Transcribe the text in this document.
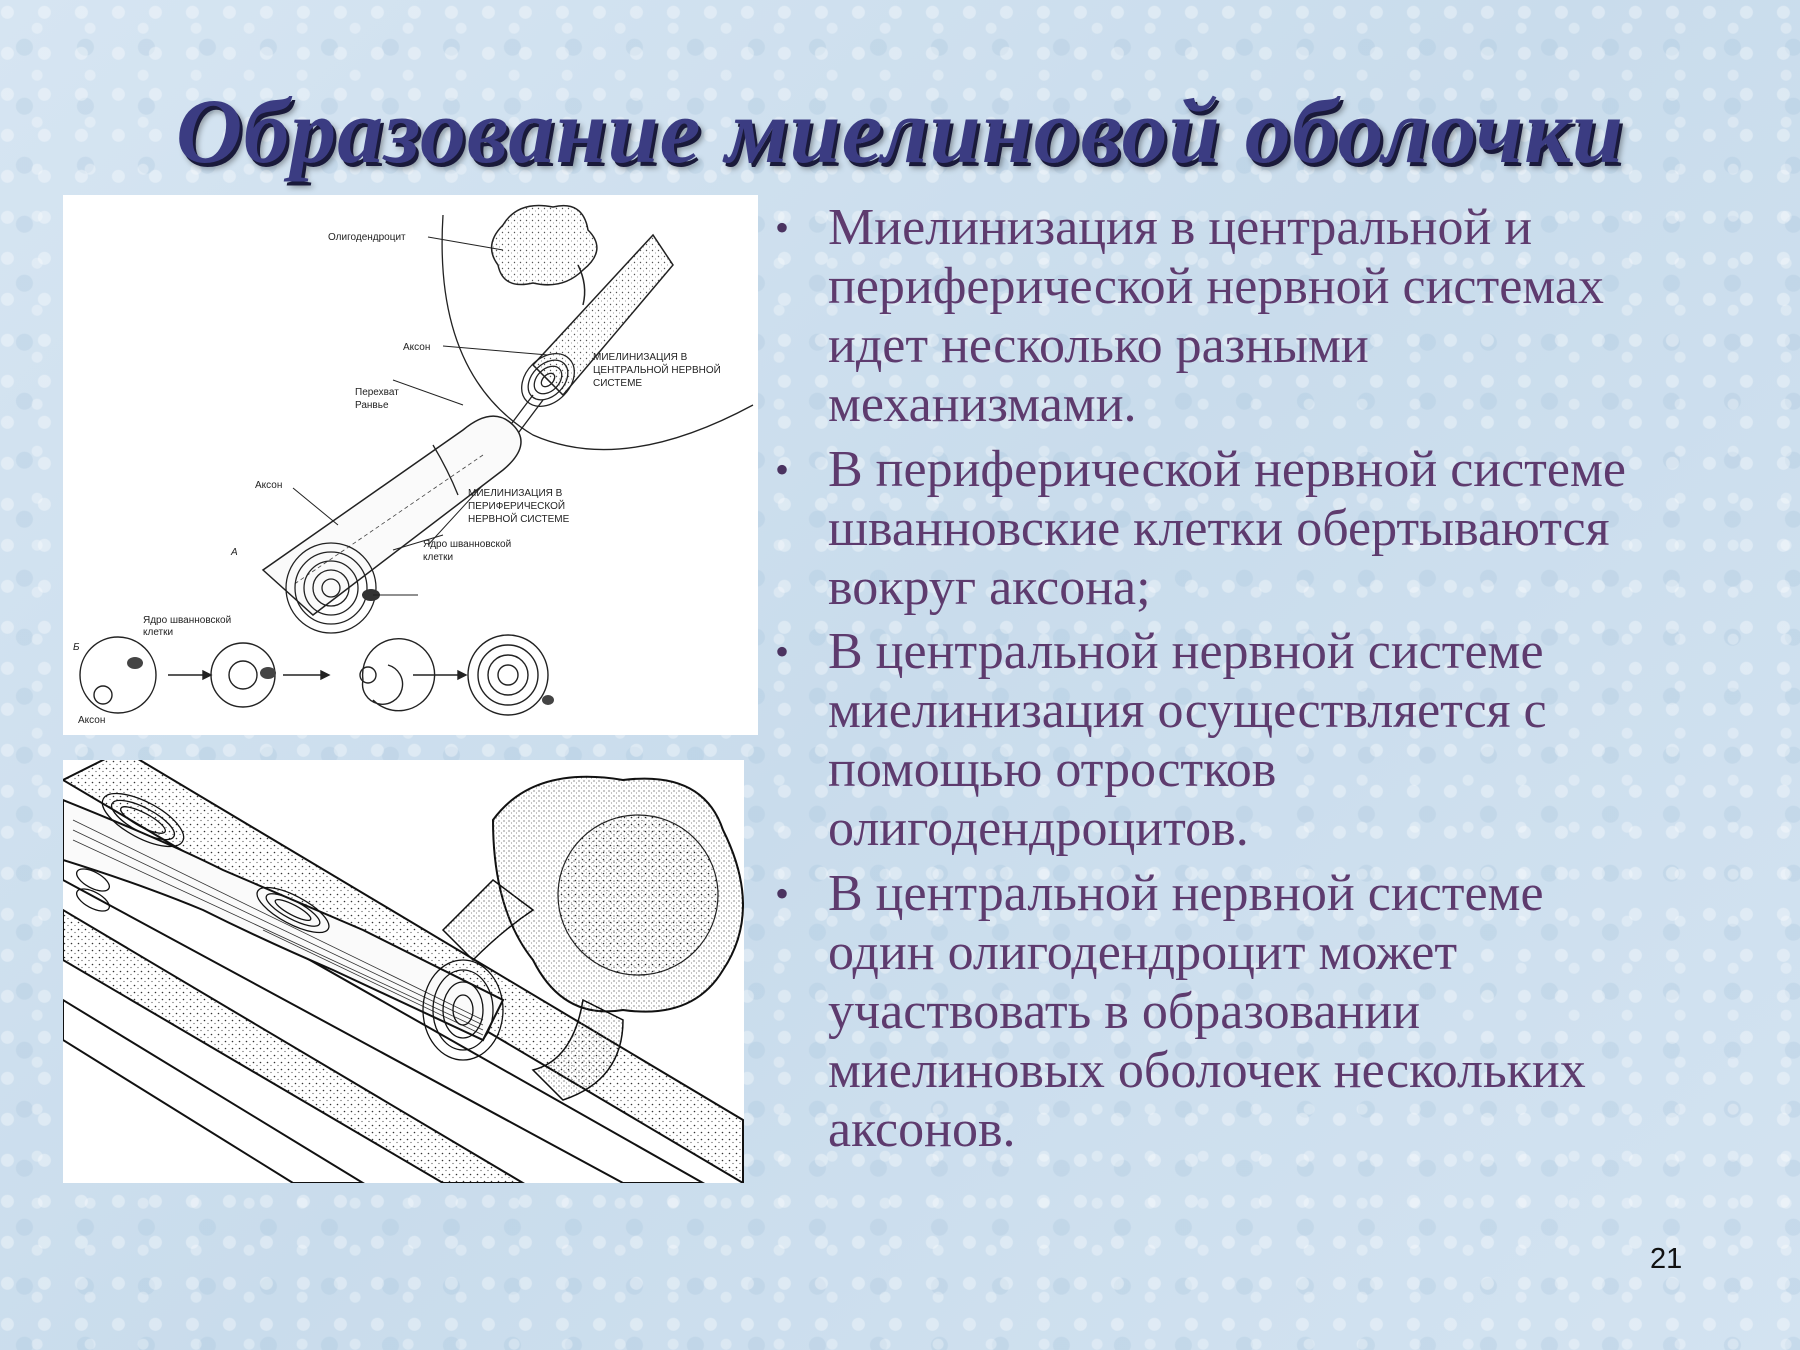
Образование миелиновой оболочки
Олигодендроцит
Аксон
МИЕЛИНИЗАЦИЯ В
ЦЕНТРАЛЬНОЙ НЕРВНОЙ
СИСТЕМЕ
Перехват
Ранвье
Аксон
МИЕЛИНИЗАЦИЯ В
ПЕРИФЕРИЧЕСКОЙ
НЕРВНОЙ СИСТЕМЕ
Ядро шванновской
клетки
А
Б
Ядро шванновской
клетки
Аксон
• Миелинизация в центральной и
периферической нервной системах
идет несколько разными
механизмами.
• В периферической нервной системе
шванновские клетки обертываются
вокруг аксона;
• В центральной нервной системе
миелинизация осуществляется с
помощью отростков
олигодендроцитов.
• В центральной нервной системе
один олигодендроцит может
участвовать в образовании
миелиновых оболочек нескольких
аксонов.
21
